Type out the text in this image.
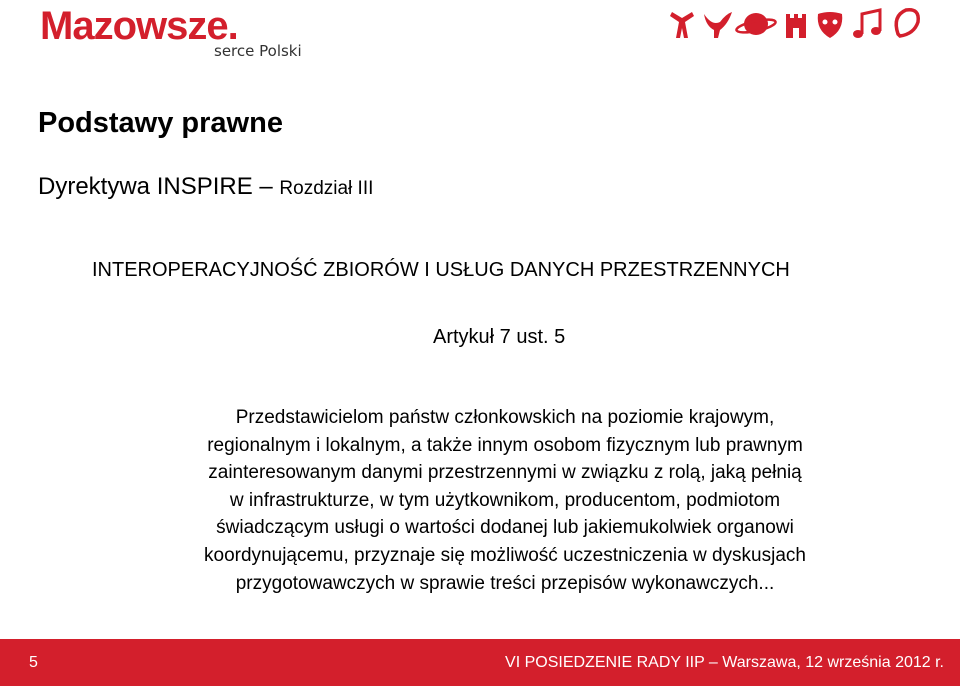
Mazowsze.
serce Polski
Podstawy prawne
Dyrektywa INSPIRE – Rozdział III
INTEROPERACYJNOŚĆ ZBIORÓW I USŁUG DANYCH PRZESTRZENNYCH
Artykuł 7 ust. 5
Przedstawicielom państw członkowskich na poziomie krajowym,
regionalnym i lokalnym, a także innym osobom fizycznym lub prawnym
zainteresowanym danymi przestrzennymi w związku z rolą, jaką pełnią
w infrastrukturze, w tym użytkownikom, producentom, podmiotom
świadczącym usługi o wartości dodanej lub jakiemukolwiek organowi
koordynującemu, przyznaje się możliwość uczestniczenia w dyskusjach
przygotowawczych w sprawie treści przepisów wykonawczych...
5	VI POSIEDZENIE RADY IIP – Warszawa, 12 września 2012 r.
